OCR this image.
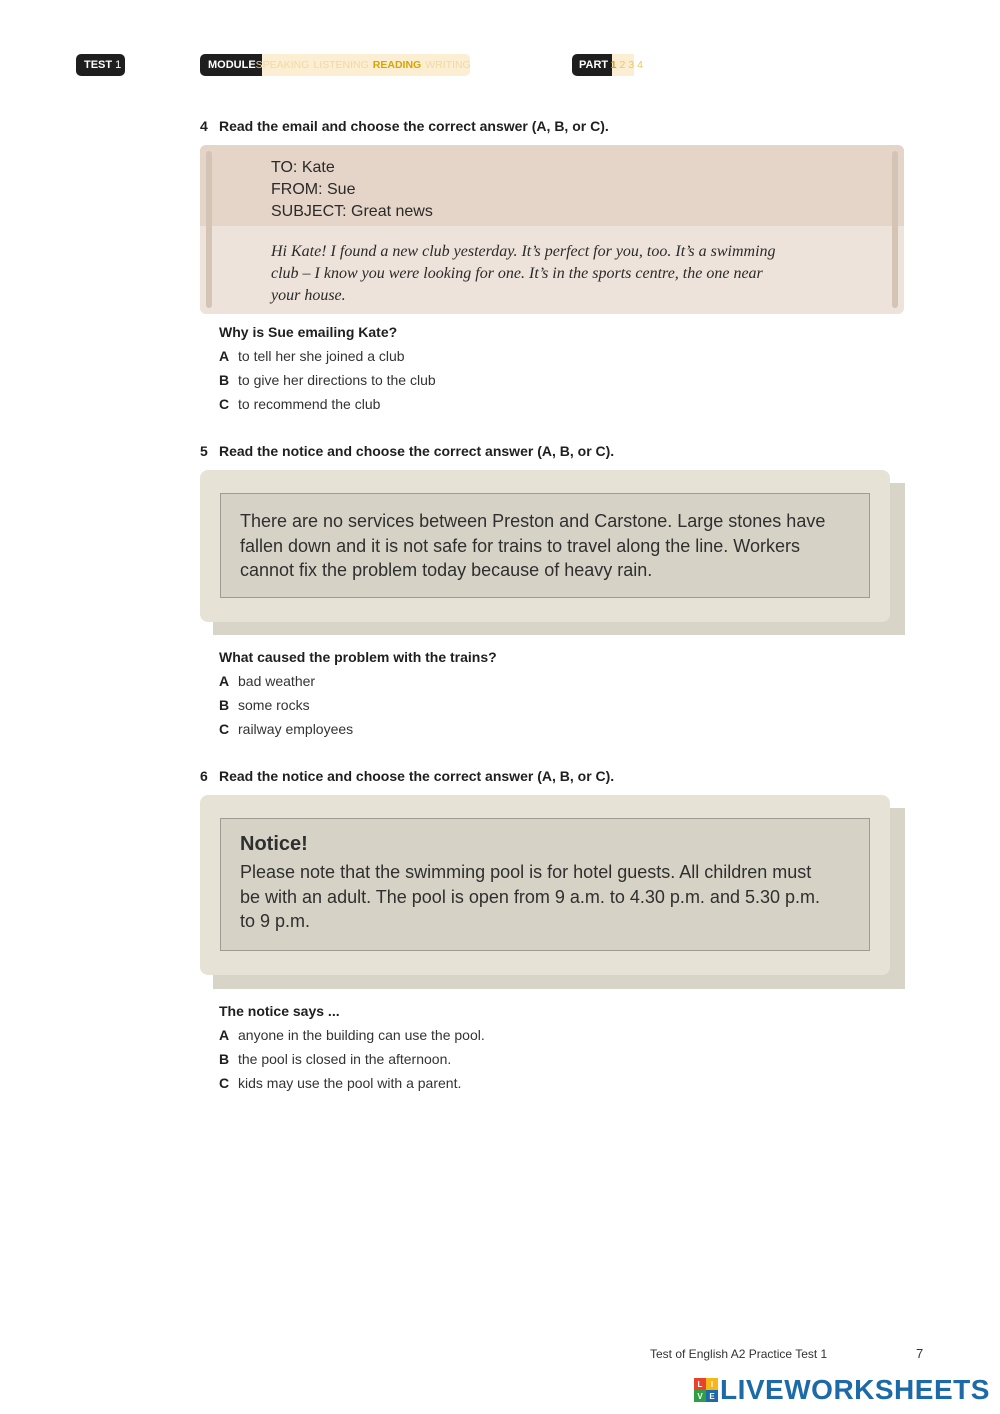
TEST 1	MODULE SPEAKING LISTENING READING WRITING	PART 1 2 3 4
4 Read the email and choose the correct answer (A, B, or C).
TO: Kate
FROM: Sue
SUBJECT: Great news
Hi Kate! I found a new club yesterday. It’s perfect for you, too. It’s a swimming
club – I know you were looking for one. It’s in the sports centre, the one near
your house.
Why is Sue emailing Kate?
A to tell her she joined a club
B to give her directions to the club
C to recommend the club
5 Read the notice and choose the correct answer (A, B, or C).
There are no services between Preston and Carstone. Large stones have
fallen down and it is not safe for trains to travel along the line. Workers
cannot fix the problem today because of heavy rain.
What caused the problem with the trains?
A bad weather
B some rocks
C railway employees
6 Read the notice and choose the correct answer (A, B, or C).
Notice!
Please note that the swimming pool is for hotel guests. All children must
be with an adult. The pool is open from 9 a.m. to 4.30 p.m. and 5.30 p.m.
to 9 p.m.
The notice says ...
A anyone in the building can use the pool.
B the pool is closed in the afternoon.
C kids may use the pool with a parent.
Test of English A2 Practice Test 1	7
L	I
V E LIVEWORKSHEETS
